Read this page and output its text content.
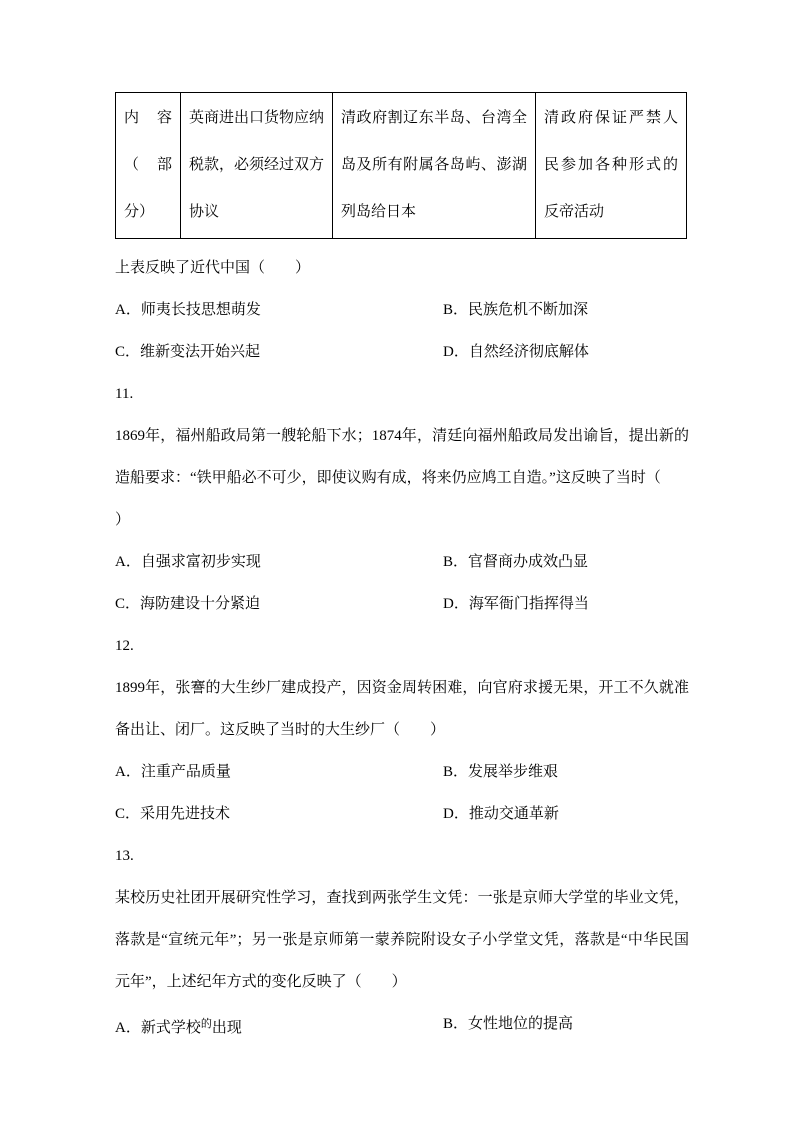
内容（部分）	英商进出口货物应纳税款，必须经过双方协议	清政府割辽东半岛、台湾全岛及所有附属各岛屿、澎湖列岛给日本	清政府保证严禁人民参加各种形式的反帝活动

上表反映了近代中国（　　）

A．师夷长技思想萌发	B．民族危机不断加深
C．维新变法开始兴起	D．自然经济彻底解体

11.

1869年，福州船政局第一艘轮船下水；1874年，清廷向福州船政局发出谕旨，提出新的造船要求：“铁甲船必不可少，即使议购有成，将来仍应鸠工自造。”这反映了当时（

）

A．自强求富初步实现	B．官督商办成效凸显
C．海防建设十分紧迫	D．海军衙门指挥得当

12.

1899年，张謇的大生纱厂建成投产，因资金周转困难，向官府求援无果，开工不久就准备出让、闭厂。这反映了当时的大生纱厂（　　）

A．注重产品质量	B．发展举步维艰
C．采用先进技术	D．推动交通革新

13.

某校历史社团开展研究性学习，查找到两张学生文凭：一张是京师大学堂的毕业文凭，落款是“宣统元年”；另一张是京师第一蒙养院附设女子小学堂文凭，落款是“中华民国元年”，上述纪年方式的变化反映了（　　）

A．新式学校$^的$出现	B．女性地位的提高
